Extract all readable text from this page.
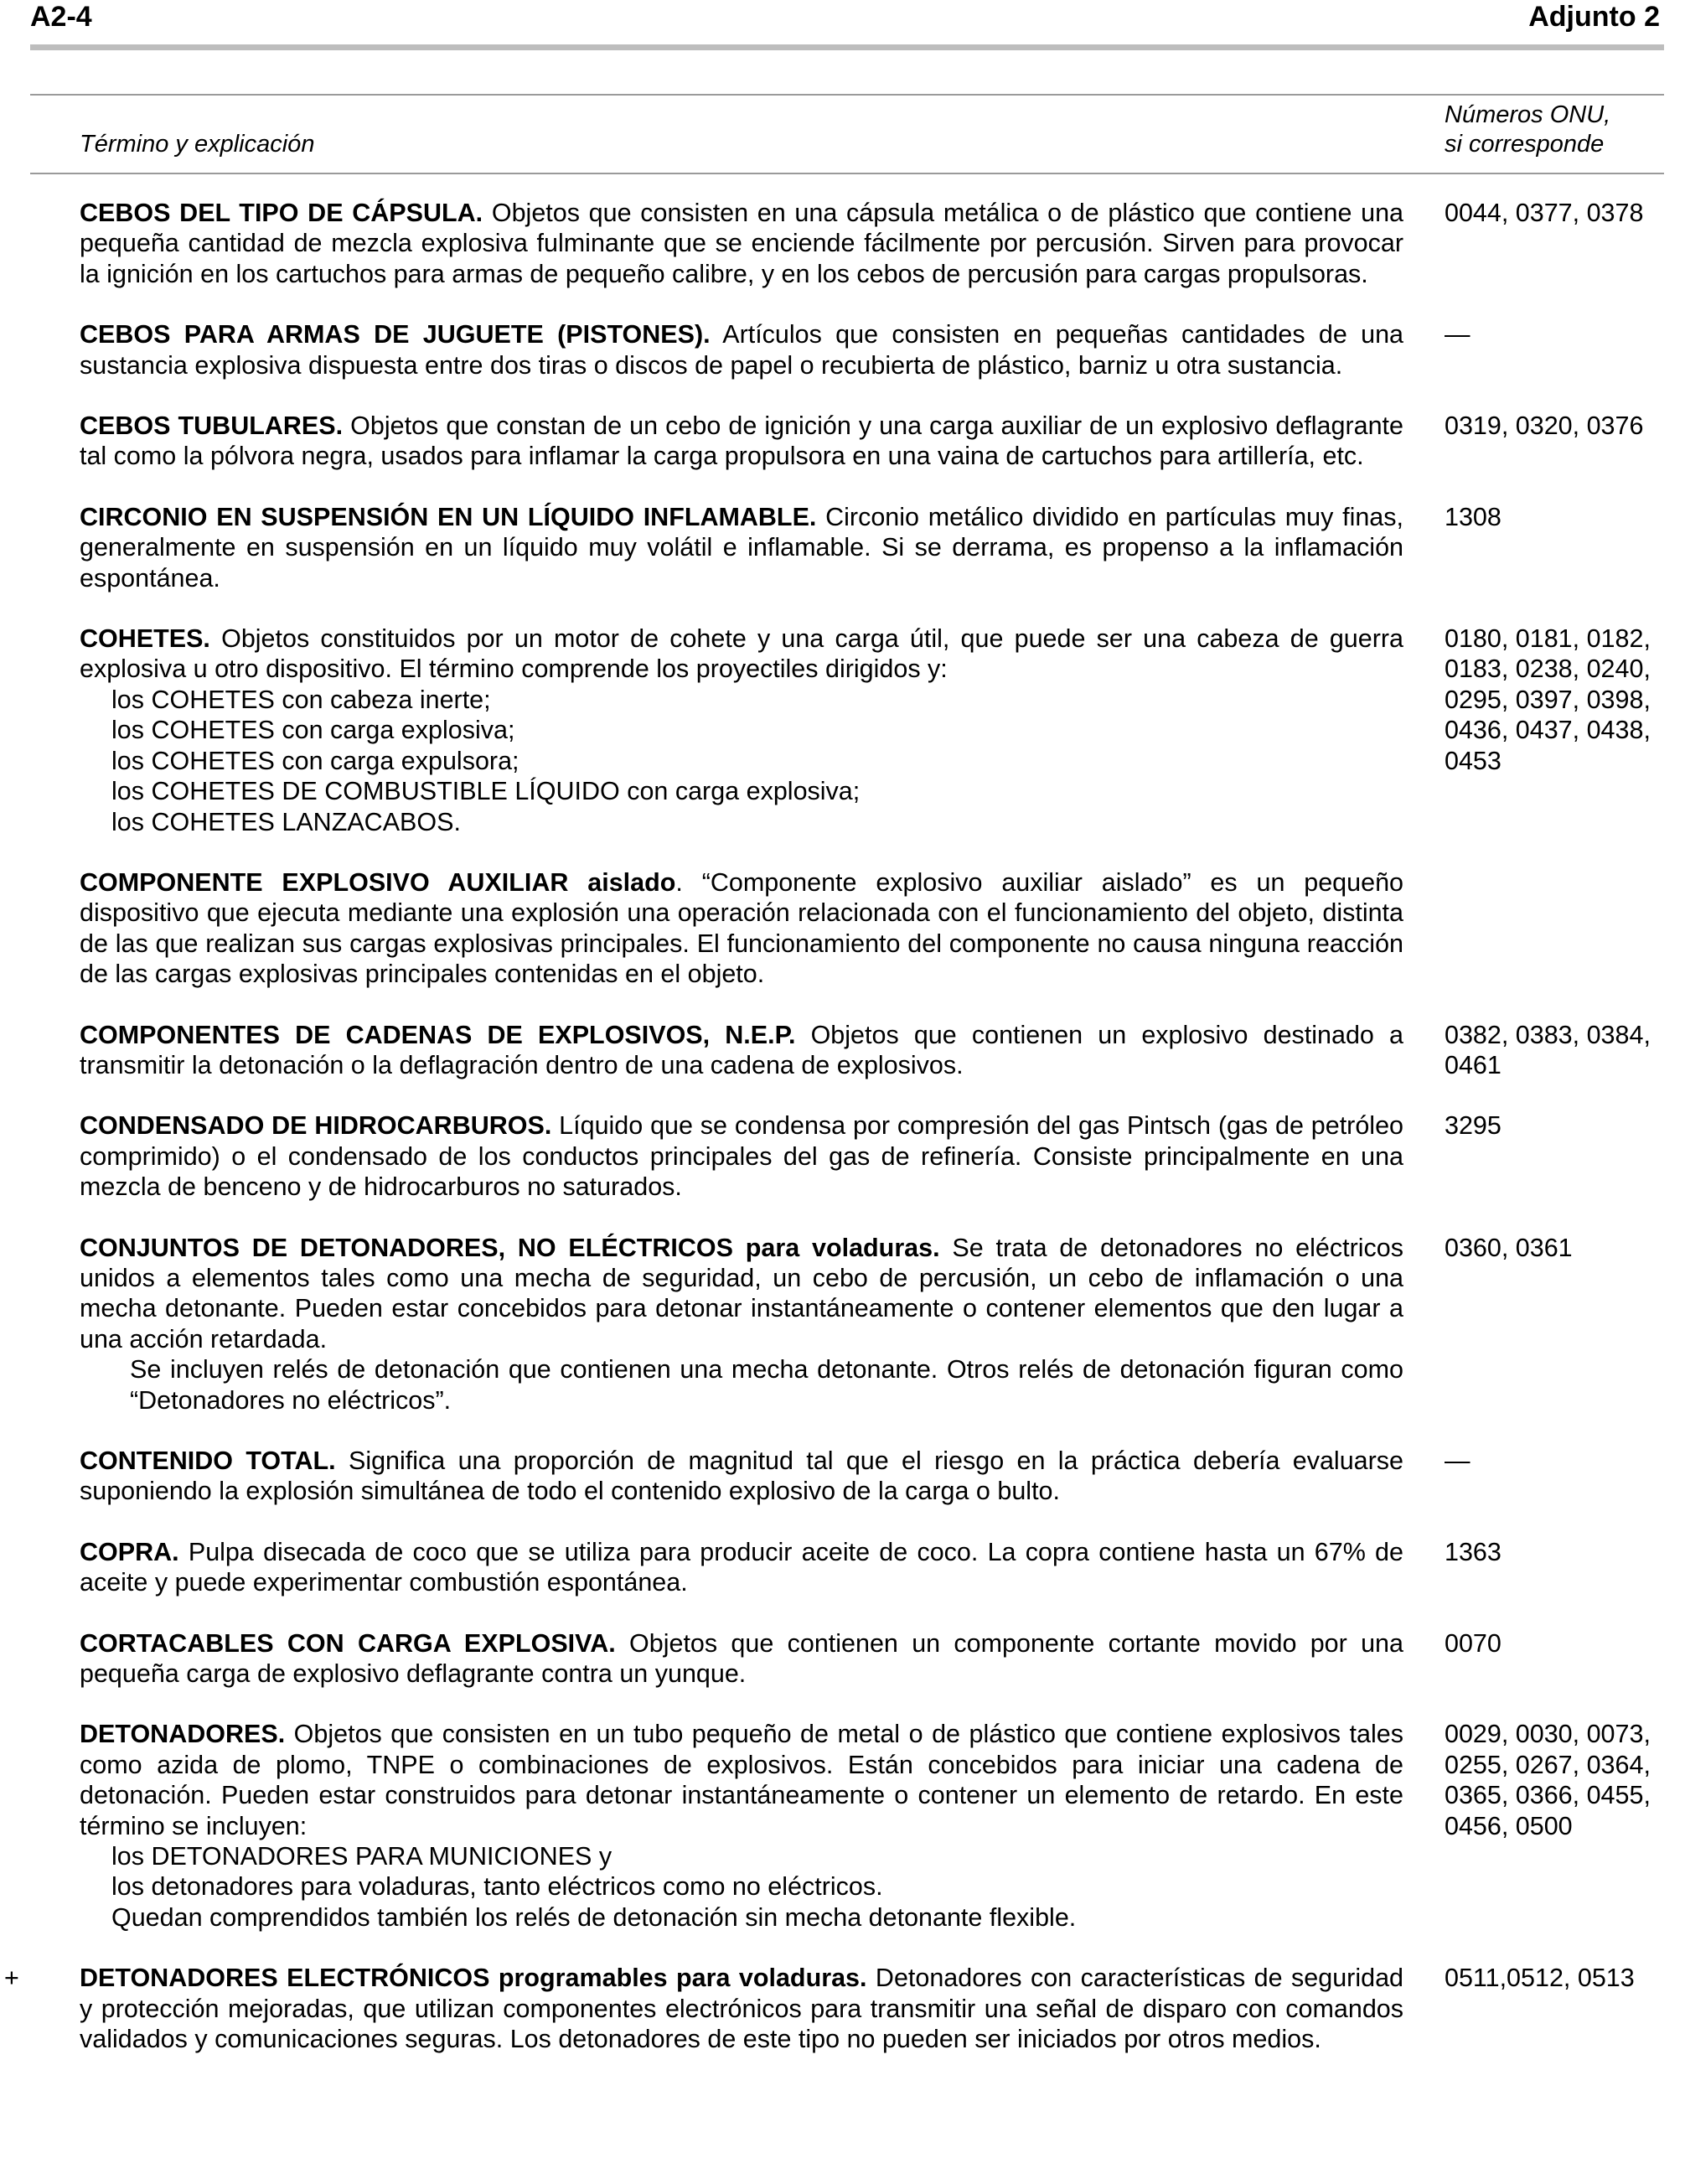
A2-4	Adjunto 2
Término y explicación
Números ONU,
si corresponde
CEBOS DEL TIPO DE CÁPSULA. Objetos que consisten en una cápsula metálica o de plástico que contiene una pequeña cantidad de mezcla explosiva fulminante que se enciende fácilmente por percusión. Sirven para provocar la ignición en los cartuchos para armas de pequeño calibre, y en los cebos de percusión para cargas propulsoras.
0044, 0377, 0378
CEBOS PARA ARMAS DE JUGUETE (PISTONES). Artículos que consisten en pequeñas cantidades de una sustancia explosiva dispuesta entre dos tiras o discos de papel o recubierta de plástico, barniz u otra sustancia.
—
CEBOS TUBULARES. Objetos que constan de un cebo de ignición y una carga auxiliar de un explosivo deflagrante tal como la pólvora negra, usados para inflamar la carga propulsora en una vaina de cartuchos para artillería, etc.
0319, 0320, 0376
CIRCONIO EN SUSPENSIÓN EN UN LÍQUIDO INFLAMABLE. Circonio metálico dividido en partículas muy finas, generalmente en suspensión en un líquido muy volátil e inflamable. Si se derrama, es propenso a la inflamación espontánea.
1308
COHETES. Objetos constituidos por un motor de cohete y una carga útil, que puede ser una cabeza de guerra explosiva u otro dispositivo. El término comprende los proyectiles dirigidos y:
los COHETES con cabeza inerte;
los COHETES con carga explosiva;
los COHETES con carga expulsora;
los COHETES DE COMBUSTIBLE LÍQUIDO con carga explosiva;
los COHETES LANZACABOS.
0180, 0181, 0182, 0183, 0238, 0240, 0295, 0397, 0398, 0436, 0437, 0438, 0453
COMPONENTE EXPLOSIVO AUXILIAR aislado. “Componente explosivo auxiliar aislado” es un pequeño dispositivo que ejecuta mediante una explosión una operación relacionada con el funcionamiento del objeto, distinta de las que realizan sus cargas explosivas principales. El funcionamiento del componente no causa ninguna reacción de las cargas explosivas principales contenidas en el objeto.
COMPONENTES DE CADENAS DE EXPLOSIVOS, N.E.P. Objetos que contienen un explosivo destinado a transmitir la detonación o la deflagración dentro de una cadena de explosivos.
0382, 0383, 0384, 0461
CONDENSADO DE HIDROCARBUROS. Líquido que se condensa por compresión del gas Pintsch (gas de petróleo comprimido) o el condensado de los conductos principales del gas de refinería. Consiste principalmente en una mezcla de benceno y de hidrocarburos no saturados.
3295
CONJUNTOS DE DETONADORES, NO ELÉCTRICOS para voladuras. Se trata de detonadores no eléctricos unidos a elementos tales como una mecha de seguridad, un cebo de percusión, un cebo de inflamación o una mecha detonante. Pueden estar concebidos para detonar instantáneamente o contener elementos que den lugar a una acción retardada.
Se incluyen relés de detonación que contienen una mecha detonante. Otros relés de detonación figuran como “Detonadores no eléctricos”.
0360, 0361
CONTENIDO TOTAL. Significa una proporción de magnitud tal que el riesgo en la práctica debería evaluarse suponiendo la explosión simultánea de todo el contenido explosivo de la carga o bulto.
—
COPRA. Pulpa disecada de coco que se utiliza para producir aceite de coco. La copra contiene hasta un 67% de aceite y puede experimentar combustión espontánea.
1363
CORTACABLES CON CARGA EXPLOSIVA. Objetos que contienen un componente cortante movido por una pequeña carga de explosivo deflagrante contra un yunque.
0070
DETONADORES. Objetos que consisten en un tubo pequeño de metal o de plástico que contiene explosivos tales como azida de plomo, TNPE o combinaciones de explosivos. Están concebidos para iniciar una cadena de detonación. Pueden estar construidos para detonar instantáneamente o contener un elemento de retardo. En este término se incluyen:
los DETONADORES PARA MUNICIONES y
los detonadores para voladuras, tanto eléctricos como no eléctricos.
Quedan comprendidos también los relés de detonación sin mecha detonante flexible.
0029, 0030, 0073, 0255, 0267, 0364, 0365, 0366, 0455, 0456, 0500
+ DETONADORES ELECTRÓNICOS programables para voladuras. Detonadores con características de seguridad y protección mejoradas, que utilizan componentes electrónicos para transmitir una señal de disparo con comandos validados y comunicaciones seguras. Los detonadores de este tipo no pueden ser iniciados por otros medios.
0511,0512, 0513
